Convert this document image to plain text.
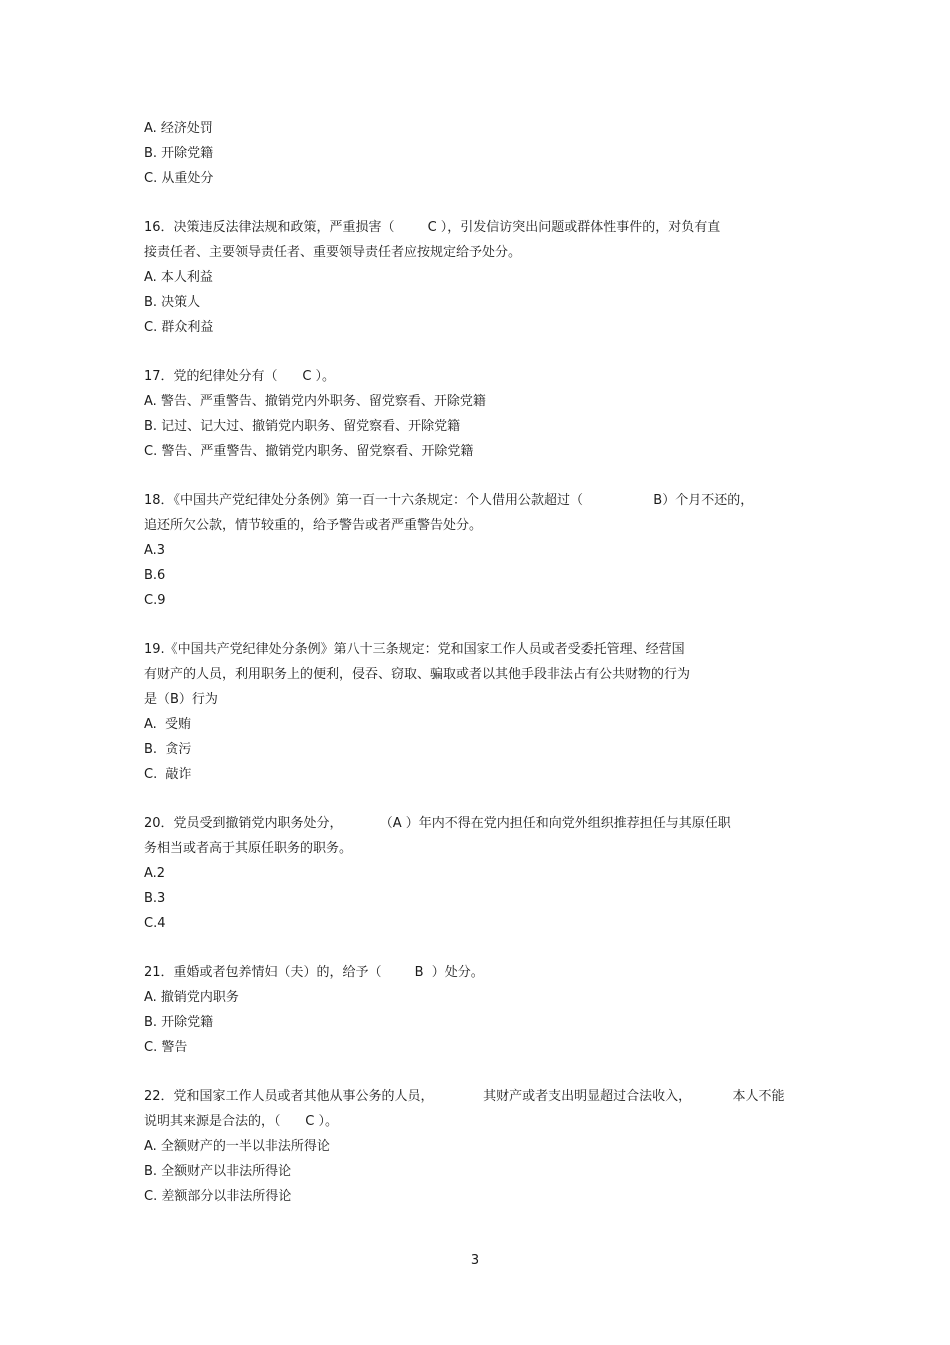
A. 经济处罚
B. 开除党籍
C. 从重处分
16．决策违反法律法规和政策，严重损害（        C ），引发信访突出问题或群体性事件的，对负有直
接责任者、主要领导责任者、重要领导责任者应按规定给予处分。
A. 本人利益
B. 决策人
C. 群众利益
17．党的纪律处分有（      C ）。
A. 警告、严重警告、撤销党内外职务、留党察看、开除党籍
B. 记过、记大过、撤销党内职务、留党察看、开除党籍
C. 警告、严重警告、撤销党内职务、留党察看、开除党籍
18．《中国共产党纪律处分条例》第一百一十六条规定：个人借用公款超过（                 B）个月不还的，
追还所欠公款，情节较重的，给予警告或者严重警告处分。
A.3
B.6
C.9
19.《中国共产党纪律处分条例》第八十三条规定：党和国家工作人员或者受委托管理、经营国
有财产的人员，利用职务上的便利，侵吞、窃取、骗取或者以其他手段非法占有公共财物的行为
是（B）行为
A.  受贿
B.  贪污
C.  敲诈
20．党员受到撤销党内职务处分，         （A ）年内不得在党内担任和向党外组织推荐担任与其原任职
务相当或者高于其原任职务的职务。
A.2
B.3
C.4
21．重婚或者包养情妇（夫）的，给予（        B  ）处分。
A. 撤销党内职务
B. 开除党籍
C. 警告
22．党和国家工作人员或者其他从事公务的人员，            其财产或者支出明显超过合法收入，          本人不能
说明其来源是合法的，（      C ）。
A. 全额财产的一半以非法所得论
B. 全额财产以非法所得论
C. 差额部分以非法所得论
3
